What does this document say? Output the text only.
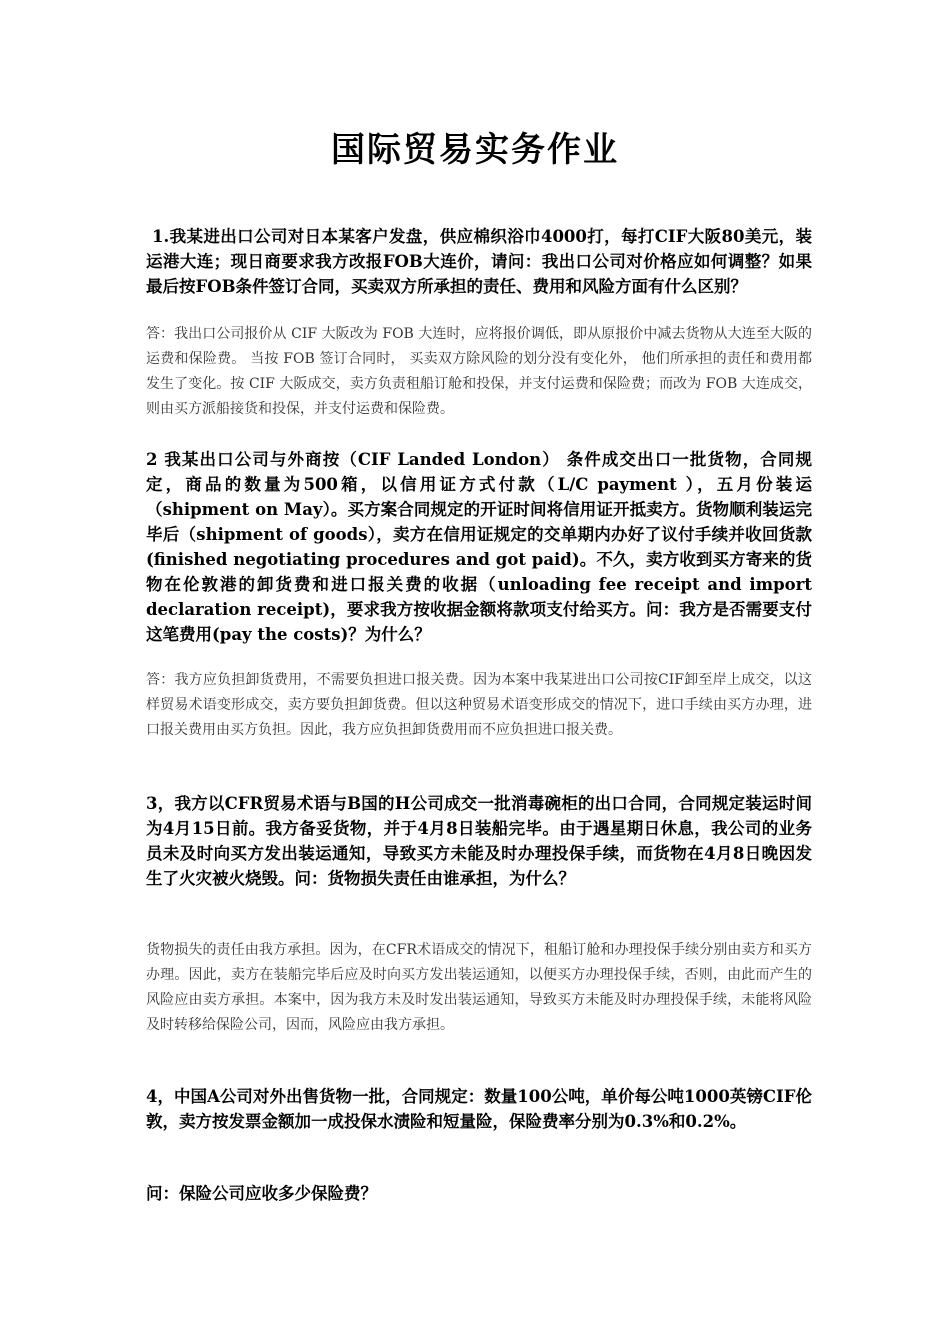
国际贸易实务作业
1.我某进出口公司对日本某客户发盘，供应棉织浴巾4000打，每打CIF大阪80美元，装运港大连；现日商要求我方改报FOB大连价，请问：我出口公司对价格应如何调整？如果最后按FOB条件签订合同，买卖双方所承担的责任、费用和风险方面有什么区别？
答：我出口公司报价从 CIF 大阪改为 FOB 大连时，应将报价调低，即从原报价中减去货物从大连至大阪的运费和保险费。 当按 FOB 签订合同时， 买卖双方除风险的划分没有变化外， 他们所承担的责任和费用都 发生了变化。按 CIF 大阪成交，卖方负责租船订舱和投保，并支付运费和保险费；而改为 FOB 大连成交，则由买方派船接货和投保，并支付运费和保险费。
2 我某出口公司与外商按（CIF Landed London） 条件成交出口一批货物，合同规定，商品的数量为500箱，以信用证方式付款（L/C payment ），五月份装运（shipment on May）。买方案合同规定的开证时间将信用证开抵卖方。货物顺利装运完毕后（shipment of goods），卖方在信用证规定的交单期内办好了议付手续并收回货款(finished negotiating procedures and got paid)。不久，卖方收到买方寄来的货物在伦敦港的卸货费和进口报关费的收据（unloading fee receipt and import declaration receipt)，要求我方按收据金额将款项支付给买方。问：我方是否需要支付这笔费用(pay the costs)？为什么？
答：我方应负担卸货费用，不需要负担进口报关费。因为本案中我某进出口公司按CIF卸至岸上成交，以这样贸易术语变形成交，卖方要负担卸货费。但以这种贸易术语变形成交的情况下，进口手续由买方办理，进口报关费用由买方负担。因此，我方应负担卸货费用而不应负担进口报关费。
3，我方以CFR贸易术语与B国的H公司成交一批消毒碗柜的出口合同，合同规定装运时间为4月15日前。我方备妥货物，并于4月8日装船完毕。由于遇星期日休息，我公司的业务员未及时向买方发出装运通知，导致买方未能及时办理投保手续，而货物在4月8日晚因发生了火灾被火烧毁。问：货物损失责任由谁承担，为什么？
货物损失的责任由我方承担。因为，在CFR术语成交的情况下，租船订舱和办理投保手续分别由卖方和买方办理。因此，卖方在装船完毕后应及时向买方发出装运通知，以便买方办理投保手续，否则，由此而产生的风险应由卖方承担。本案中，因为我方未及时发出装运通知，导致买方未能及时办理投保手续，未能将风险及时转移给保险公司，因而，风险应由我方承担。
4，中国A公司对外出售货物一批，合同规定：数量100公吨，单价每公吨1000英镑CIF伦敦，卖方按发票金额加一成投保水渍险和短量险，保险费率分别为0.3%和0.2%。
问：保险公司应收多少保险费？
